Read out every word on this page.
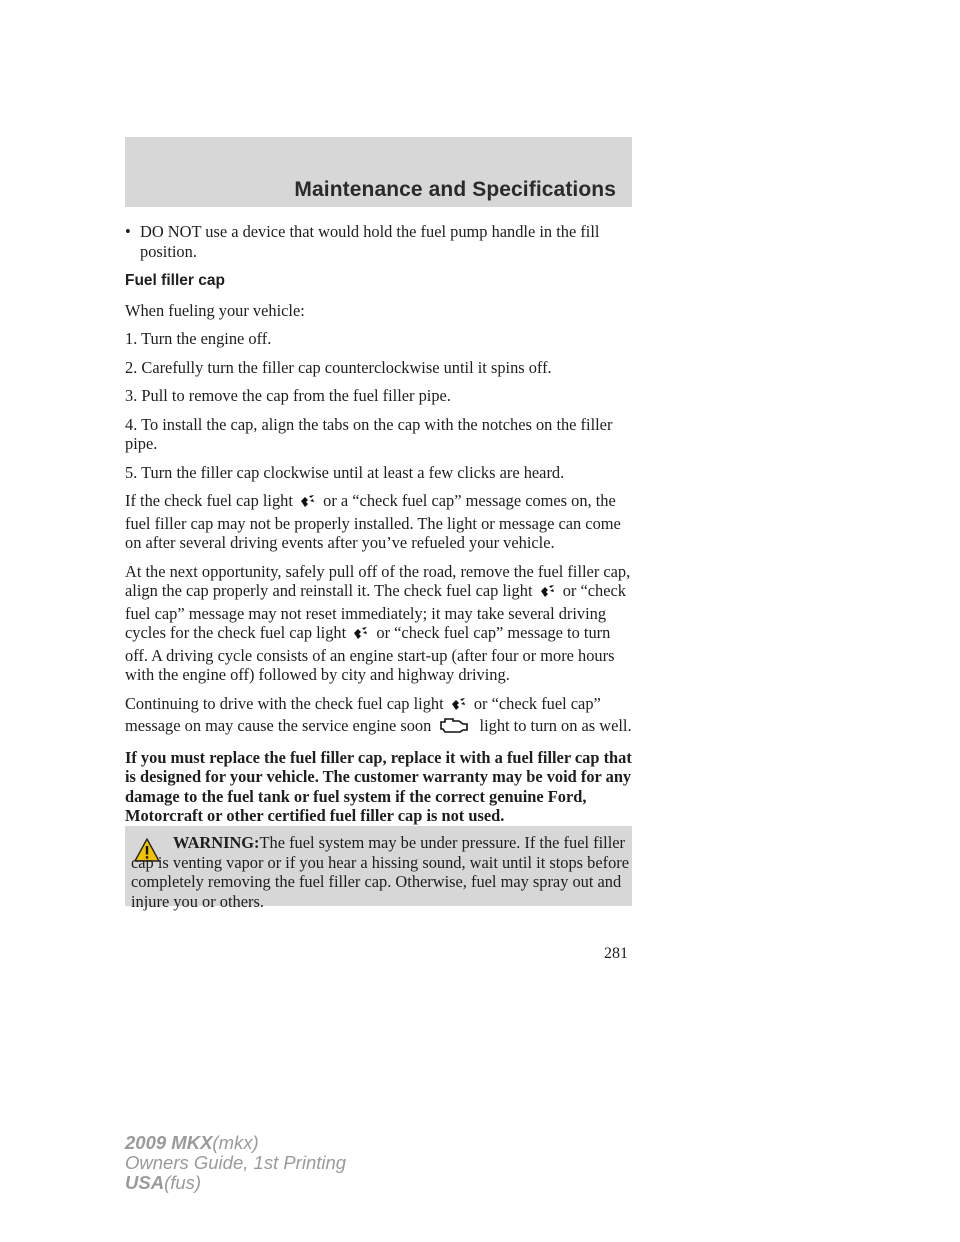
Maintenance and Specifications
• DO NOT use a device that would hold the fuel pump handle in the fill position.
Fuel filler cap
When fueling your vehicle:
1. Turn the engine off.
2. Carefully turn the filler cap counterclockwise until it spins off.
3. Pull to remove the cap from the fuel filler pipe.
4. To install the cap, align the tabs on the cap with the notches on the filler pipe.
5. Turn the filler cap clockwise until at least a few clicks are heard.
If the check fuel cap light or a “check fuel cap” message comes on, the fuel filler cap may not be properly installed. The light or message can come on after several driving events after you’ve refueled your vehicle.
At the next opportunity, safely pull off of the road, remove the fuel filler cap, align the cap properly and reinstall it. The check fuel cap light or “check fuel cap” message may not reset immediately; it may take several driving cycles for the check fuel cap light or “check fuel cap” message to turn off. A driving cycle consists of an engine start-up (after four or more hours with the engine off) followed by city and highway driving.
Continuing to drive with the check fuel cap light or “check fuel cap” message on may cause the service engine soon	light to turn on as well.
If you must replace the fuel filler cap, replace it with a fuel filler cap that is designed for your vehicle. The customer warranty may be void for any damage to the fuel tank or fuel system if the correct genuine Ford, Motorcraft or other certified fuel filler cap is not used.
WARNING:The fuel system may be under pressure. If the fuel filler cap is venting vapor or if you hear a hissing sound, wait until it stops before completely removing the fuel filler cap. Otherwise, fuel may spray out and injure you or others.
281
2009 MKX(mkx)
Owners Guide, 1st Printing
USA(fus)
